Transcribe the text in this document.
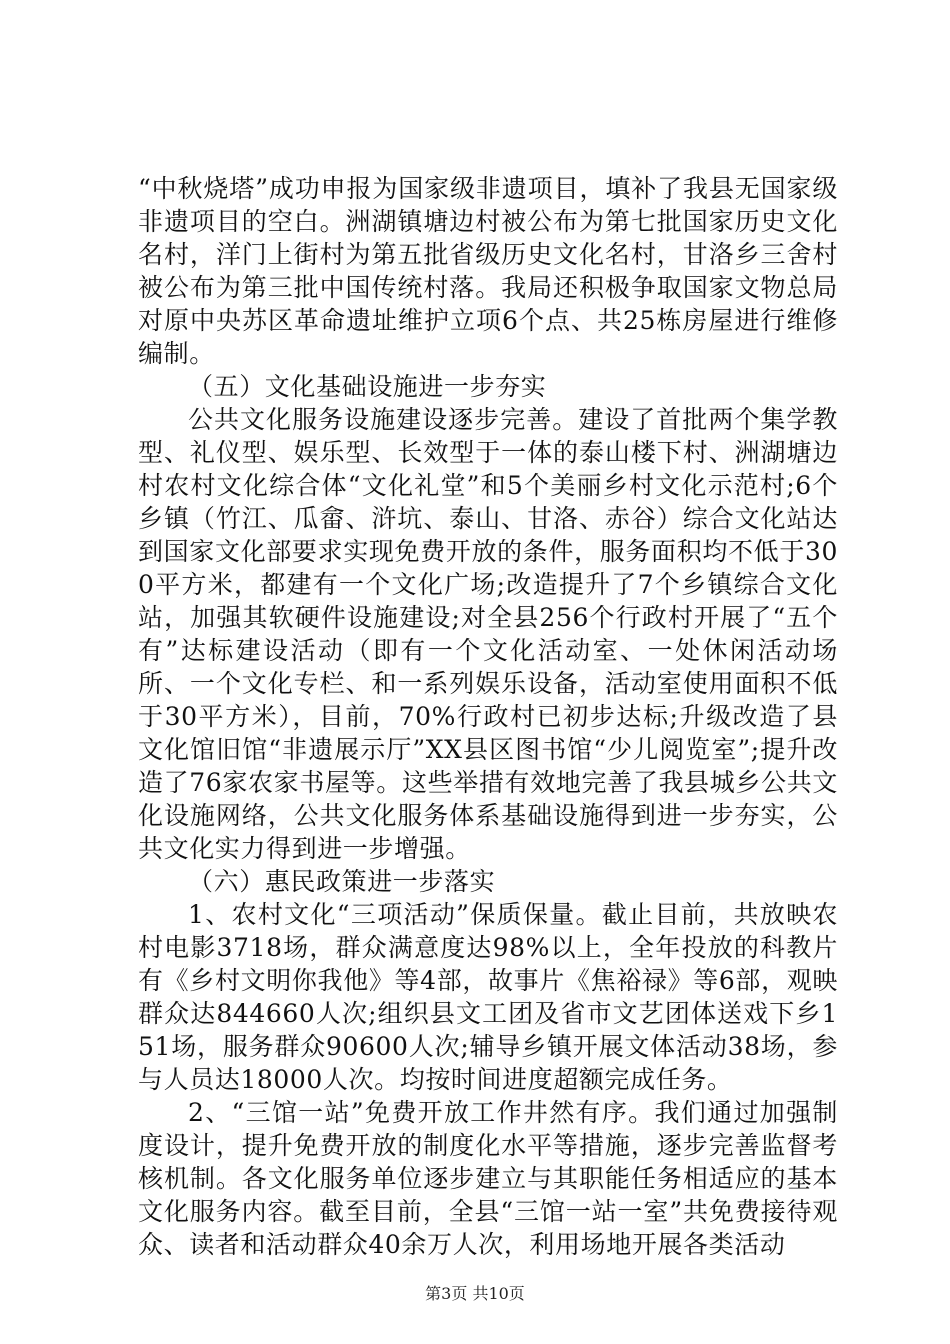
“中秋烧塔”成功申报为国家级非遗项目，填补了我县无国家级非遗项目的空白。洲湖镇塘边村被公布为第七批国家历史文化名村，洋门上街村为第五批省级历史文化名村，甘洛乡三舍村被公布为第三批中国传统村落。我局还积极争取国家文物总局对原中央苏区革命遗址维护立项6个点、共25栋房屋进行维修编制。

（五）文化基础设施进一步夯实

公共文化服务设施建设逐步完善。建设了首批两个集学教型、礼仪型、娱乐型、长效型于一体的泰山楼下村、洲湖塘边村农村文化综合体“文化礼堂”和5个美丽乡村文化示范村;6个乡镇（竹江、瓜畲、浒坑、泰山、甘洛、赤谷）综合文化站达到国家文化部要求实现免费开放的条件，服务面积均不低于300平方米，都建有一个文化广场;改造提升了7个乡镇综合文化站，加强其软硬件设施建设;对全县256个行政村开展了“五个有”达标建设活动（即有一个文化活动室、一处休闲活动场所、一个文化专栏、和一系列娱乐设备，活动室使用面积不低于30平方米），目前，70%行政村已初步达标;升级改造了县文化馆旧馆“非遗展示厅”XX县区图书馆“少儿阅览室”;提升改造了76家农家书屋等。这些举措有效地完善了我县城乡公共文化设施网络，公共文化服务体系基础设施得到进一步夯实，公共文化实力得到进一步增强。

（六）惠民政策进一步落实

1、农村文化“三项活动”保质保量。截止目前，共放映农村电影3718场，群众满意度达98%以上，全年投放的科教片有《乡村文明你我他》等4部，故事片《焦裕禄》等6部，观映群众达844660人次;组织县文工团及省市文艺团体送戏下乡151场，服务群众90600人次;辅导乡镇开展文体活动38场，参与人员达18000人次。均按时间进度超额完成任务。

2、“三馆一站”免费开放工作井然有序。我们通过加强制度设计，提升免费开放的制度化水平等措施，逐步完善监督考核机制。各文化服务单位逐步建立与其职能任务相适应的基本文化服务内容。截至目前，全县“三馆一站一室”共免费接待观众、读者和活动群众40余万人次，利用场地开展各类活动

第3页 共10页
